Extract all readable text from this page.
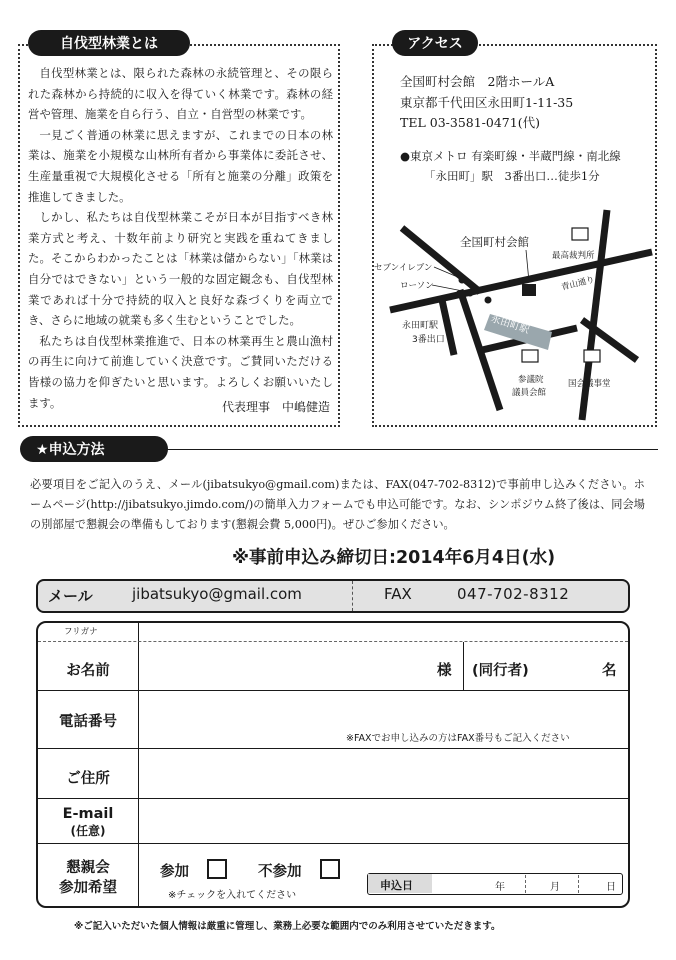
自伐型林業とは

自伐型林業とは、限られた森林の永続管理と、その限られた森林から持続的に収入を得ていく林業です。森林の経営や管理、施業を自ら行う、自立・自営型の林業です。

一見ごく普通の林業に思えますが、これまでの日本の林業は、施業を小規模な山林所有者から事業体に委託させ、生産量重視で大規模化させる「所有と施業の分離」政策を推進してきました。

しかし、私たちは自伐型林業こそが日本が目指すべき林業方式と考え、十数年前より研究と実践を重ねてきました。そこからわかったことは「林業は儲からない」「林業は自分ではできない」という一般的な固定観念も、自伐型林業であれば十分で持続的収入と良好な森づくりを両立でき、さらに地域の就業も多く生むということでした。

私たちは自伐型林業推進で、日本の林業再生と農山漁村の再生に向けて前進していく決意です。ご賛同いただける皆様の協力を仰ぎたいと思います。よろしくお願いいたします。	代表理事　中嶋健造
アクセス
全国町村会館　2階ホールA
東京都千代田区永田町1-11-35
TEL 03-3581-0471(代)
●東京メトロ 有楽町線・半蔵門線・南北線
「永田町」駅　3番出口…徒歩1分
永田町駅
全国町村会館
最高裁判所
セブンイレブン
ローソン	青山通り
永田町駅
3番出口
参議院
議員会館
国会議事堂
★申込方法
必要項目をご記入のうえ、メール(jibatsukyo@gmail.com)または、FAX(047-702-8312)で事前申し込みください。ホームページ(http://jibatsukyo.jimdo.com/)の簡単入力フォームでも申込可能です。なお、シンポジウム終了後は、同会場の別部屋で懇親会の準備もしております(懇親会費 5,000円)。ぜひご参加ください。
※事前申込み締切日:2014年6月4日(水)
メール	jibatsukyo@gmail.com	FAX	047-702-8312
フリガナ
お名前	様 (同行者)	名
電話番号
※FAXでお申し込みの方はFAX番号もご記入ください
ご住所
E-mail
(任意)
懇親会
参加希望
参加	不参加
※チェックを入れてください
申込日	年	月	日
※ご記入いただいた個人情報は厳重に管理し、業務上必要な範囲内でのみ利用させていただきます。
